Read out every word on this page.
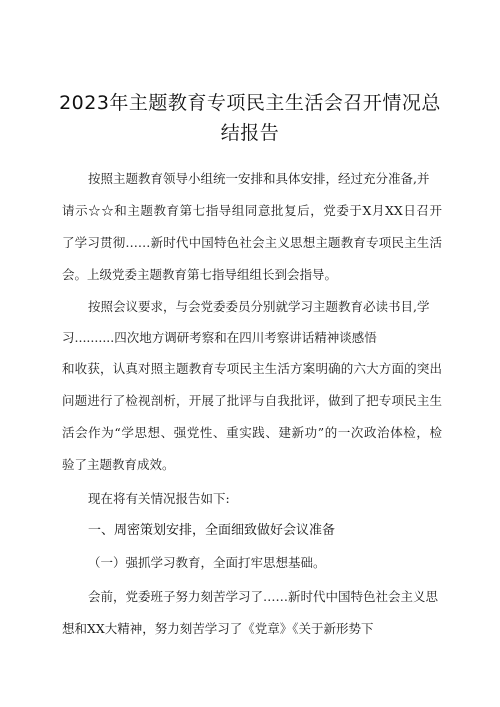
2023年主题教育专项民主生活会召开情况总
结报告
按照主题教育领导小组统一安排和具体安排，经过充分准备,并
请示☆☆和主题教育第七指导组同意批复后，党委于X月XX日召开
了学习贯彻……新时代中国特色社会主义思想主题教育专项民主生活
会。上级党委主题教育第七指导组组长到会指导。
按照会议要求，与会党委委员分别就学习主题教育必读书目,学
习..........四次地方调研考察和在四川考察讲话精神谈感悟
和收获，认真对照主题教育专项民主生活方案明确的六大方面的突出
问题进行了检视剖析，开展了批评与自我批评，做到了把专项民主生
活会作为“学思想、强党性、重实践、建新功”的一次政治体检，检
验了主题教育成效。
现在将有关情况报告如下:
一、周密策划安排，全面细致做好会议准备
（一）强抓学习教育，全面打牢思想基础。
会前，党委班子努力刻苦学习了……新时代中国特色社会主义思
想和XX大精神，努力刻苦学习了《党章》《关于新形势下
